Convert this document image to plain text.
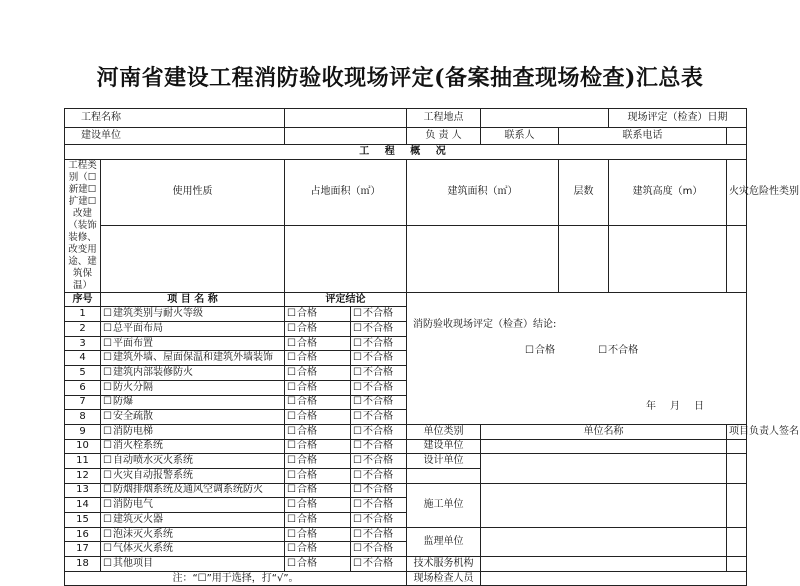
河南省建设工程消防验收现场评定(备案抽查现场检查)汇总表
工程名称				工程地点			现场评定（检查）日期	
建设单位				负 责 人	联系人	联系电话		
工 程 概 况								
工程类别（☐新建☐扩建☐改建（装饰装修、改变用途、建筑保温）	使用性质	占地面积（㎡）		建筑面积（㎡）		层数	建筑高度（m）	火灾危险性类别

序号	项 目 名 称	评定结论		消防验收现场评定（检查）结论:
☐ 合格 ☐ 不合格
年　月　日

1	☐ 建筑类别与耐火等级	☐ 合格	☐ 不合格
2	☐ 总平面布局	☐ 合格	☐ 不合格
3	☐ 平面布置	☐ 合格	☐ 不合格
4	☐ 建筑外墙、屋面保温和建筑外墙装饰	☐ 合格	☐ 不合格
5	☐ 建筑内部装修防火	☐ 合格	☐ 不合格
6	☐ 防火分隔	☐ 合格	☐ 不合格
7	☐ 防爆	☐ 合格	☐ 不合格
8	☐ 安全疏散	☐ 合格	☐ 不合格
9	☐ 消防电梯	☐ 合格	☐ 不合格	单位类别	单位名称			项目负责人签名
10	☐ 消火栓系统	☐ 合格	☐ 不合格	建设单位				
11	☐ 自动喷水灭火系统	☐ 合格	☐ 不合格	设计单位				
12	☐ 火灾自动报警系统	☐ 合格	☐ 不合格	
13	☐ 防烟排烟系统及通风空调系统防火	☐ 合格	☐ 不合格	施工单位				
14	☐ 消防电气	☐ 合格	☐ 不合格
15	☐ 建筑灭火器	☐ 合格	☐ 不合格
16	☐ 泡沫灭火系统	☐ 合格	☐ 不合格	监理单位				
17	☐ 气体灭火系统	☐ 合格	☐ 不合格
18	☐ 其他项目	☐ 合格	☐ 不合格	技术服务机构				
注：“☐”用于选择，打“√”。				现场检查人员				
